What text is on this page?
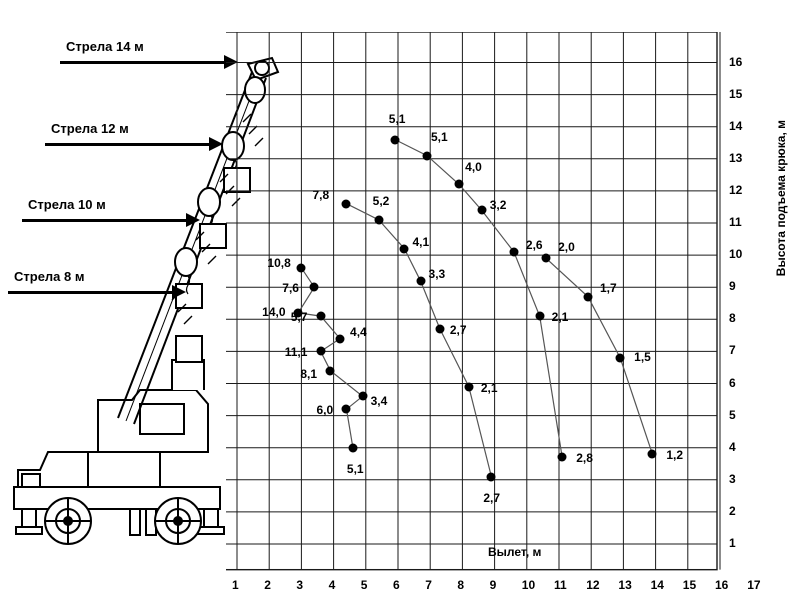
Стрела 14 м
Стрела 12 м
Стрела 10 м
Стрела 8 м
10,8
7,6
14,0 5,7
11,1
4,4
8,1
6,0
3,4
5,1
7,8	5,2
4,1
3,3
2,7
2,1
2,7
5,1
5,1
4,0
3,2
2,6
2,1
2,8
2,0
1,7
1,5
1,2
Высота подъема крюка, м
Вылет, м
1 2 3 4 5 6 7 8 9 10 11 12 13 14 15 16 17
1
2
3
4
5
6
7
8
9
10
11
12
13
14
15
16
